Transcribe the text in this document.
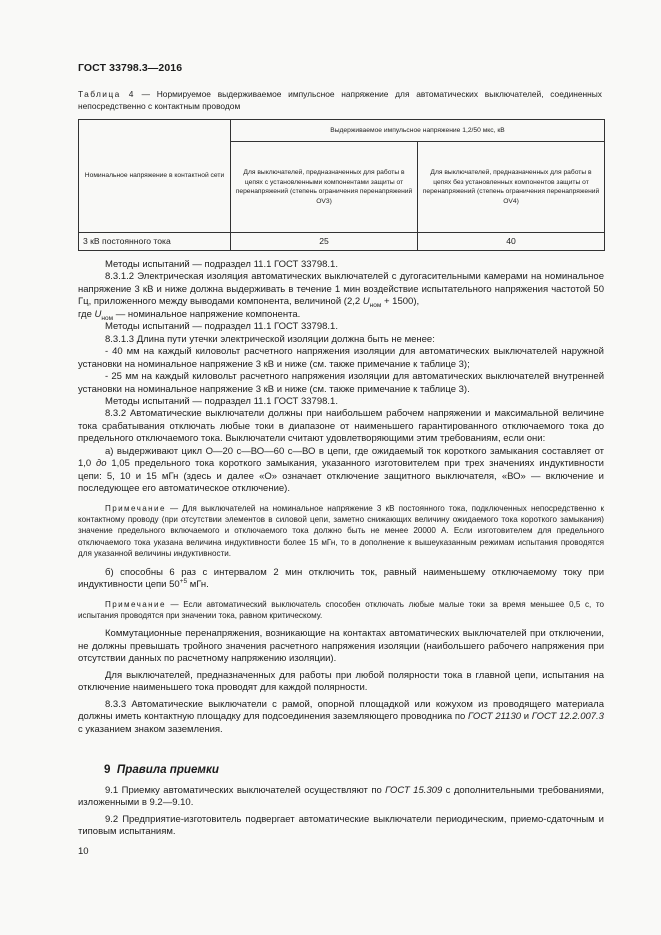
ГОСТ 33798.3—2016
Таблица 4 — Нормируемое выдерживаемое импульсное напряжение для автоматических выключателей, соединенных непосредственно с контактным проводом
Номинальное напряжение в контактной сети	Выдерживаемое импульсное напряжение 1,2/50 мкс, кВ	
	Для выключателей, предназначенных для работы в цепях с установленными компонентами защиты от перенапряжений (степень ограничения перенапряжений OV3)	Для выключателей, предназначенных для работы в цепях без установленных компонентов защиты от перенапряжений (степень ограничения перенапряжений OV4)
3 кВ постоянного тока	25	40

Методы испытаний — подраздел 11.1 ГОСТ 33798.1.

8.3.1.2 Электрическая изоляция автоматических выключателей с дугогасительными камерами на номинальное напряжение 3 кВ и ниже должна выдерживать в течение 1 мин воздействие испытательного напряжения частотой 50 Гц, приложенного между выводами компонента, величиной (2,2 $U_{ном} + 1500$),

где $U_{ном}$ — номинальное напряжение компонента.

Методы испытаний — подраздел 11.1 ГОСТ 33798.1.

8.3.1.3 Длина пути утечки электрической изоляции должна быть не менее:

- 40 мм на каждый киловольт расчетного напряжения изоляции для автоматических выключателей наружной установки на номинальное напряжение 3 кВ и ниже (см. также примечание к таблице 3);

- 25 мм на каждый киловольт расчетного напряжения изоляции для автоматических выключателей внутренней установки на номинальное напряжение 3 кВ и ниже (см. также примечание к таблице 3).

Методы испытаний — подраздел 11.1 ГОСТ 33798.1.

8.3.2 Автоматические выключатели должны при наибольшем рабочем напряжении и максимальной величине тока срабатывания отключать любые токи в диапазоне от наименьшего гарантированного отключаемого тока до предельного отключаемого тока. Выключатели считают удовлетворяющими этим требованиям, если они:

а) выдерживают цикл О—20 с—ВО—60 с—ВО в цепи, где ожидаемый ток короткого замыкания составляет от 1,0 до 1,05 предельного тока короткого замыкания, указанного изготовителем при трех значениях индуктивности цепи: 5, 10 и 15 мГн (здесь и далее «О» означает отключение защитного выключателя, «ВО» — включение и последующее его автоматическое отключение).

Примечание — Для выключателей на номинальное напряжение 3 кВ постоянного тока, подключенных непосредственно к контактному проводу (при отсутствии элементов в силовой цепи, заметно снижающих величину ожидаемого тока короткого замыкания) значение предельного включаемого и отключаемого тока должно быть не менее 20000 А. Если изготовителем для предельного отключаемого тока указана величина индуктивности более 15 мГн, то в дополнение к вышеуказанным режимам испытания проводятся для указанной величины индуктивности.

б) способны 6 раз с интервалом 2 мин отключить ток, равный наименьшему отключаемому току при индуктивности цепи $50^{+5}$ мГн.

Примечание — Если автоматический выключатель способен отключать любые малые токи за время меньшее 0,5 с, то испытания проводятся при значении тока, равном критическому.

Коммутационные перенапряжения, возникающие на контактах автоматических выключателей при отключении, не должны превышать тройного значения расчетного напряжения изоляции (наибольшего рабочего напряжения при отсутствии данных по расчетному напряжению изоляции).

Для выключателей, предназначенных для работы при любой полярности тока в главной цепи, испытания на отключение наименьшего тока проводят для каждой полярности.

8.3.3 Автоматические выключатели с рамой, опорной площадкой или кожухом из проводящего материала должны иметь контактную площадку для подсоединения заземляющего проводника по ГОСТ 21130 и ГОСТ 12.2.007.3 с указанием знаком заземления.

9 Правила приемки

9.1 Приемку автоматических выключателей осуществляют по ГОСТ 15.309 с дополнительными требованиями, изложенными в 9.2—9.10.

9.2 Предприятие-изготовитель подвергает автоматические выключатели периодическим, приемо-сдаточным и типовым испытаниям.

10
